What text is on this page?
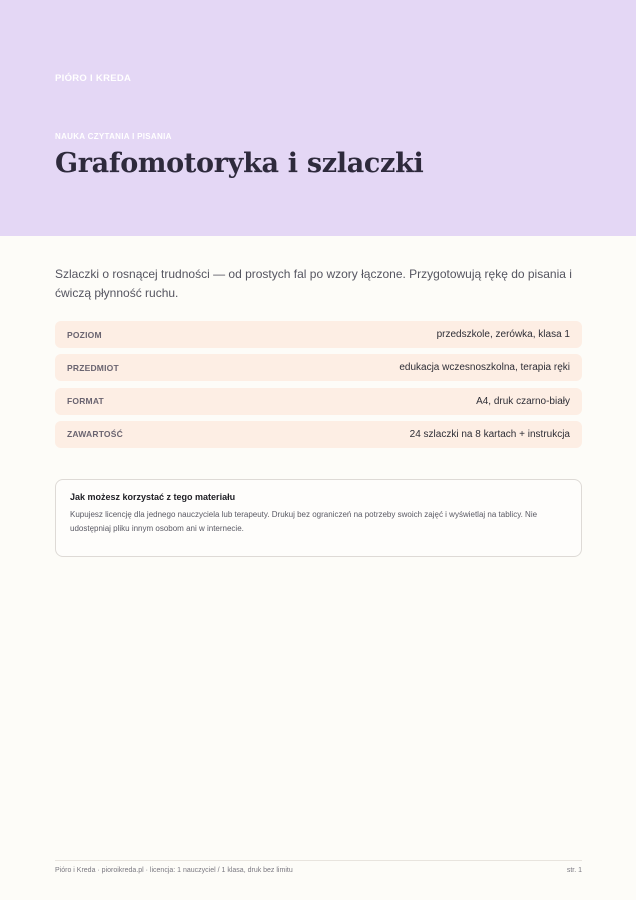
PIÓRO I KREDA
NAUKA CZYTANIA I PISANIA
Grafomotoryka i szlaczki

Szlaczki o rosnącej trudności — od prostych fal po wzory łączone. Przygotowują rękę do pisania i ćwiczą płynność ruchu.

POZIOM	przedszkole, zerówka, klasa 1
PRZEDMIOT	edukacja wczesnoszkolna, terapia ręki
FORMAT	A4, druk czarno-biały
ZAWARTOŚĆ	24 szlaczki na 8 kartach + instrukcja
Jak możesz korzystać z tego materiału
Kupujesz licencję dla jednego nauczyciela lub terapeuty. Drukuj bez ograniczeń na potrzeby swoich zajęć i wyświetlaj na tablicy. Nie udostępniaj pliku innym osobom ani w internecie.
Pióro i Kreda · pioroikreda.pl · licencja: 1 nauczyciel / 1 klasa, druk bez limitu	str. 1
